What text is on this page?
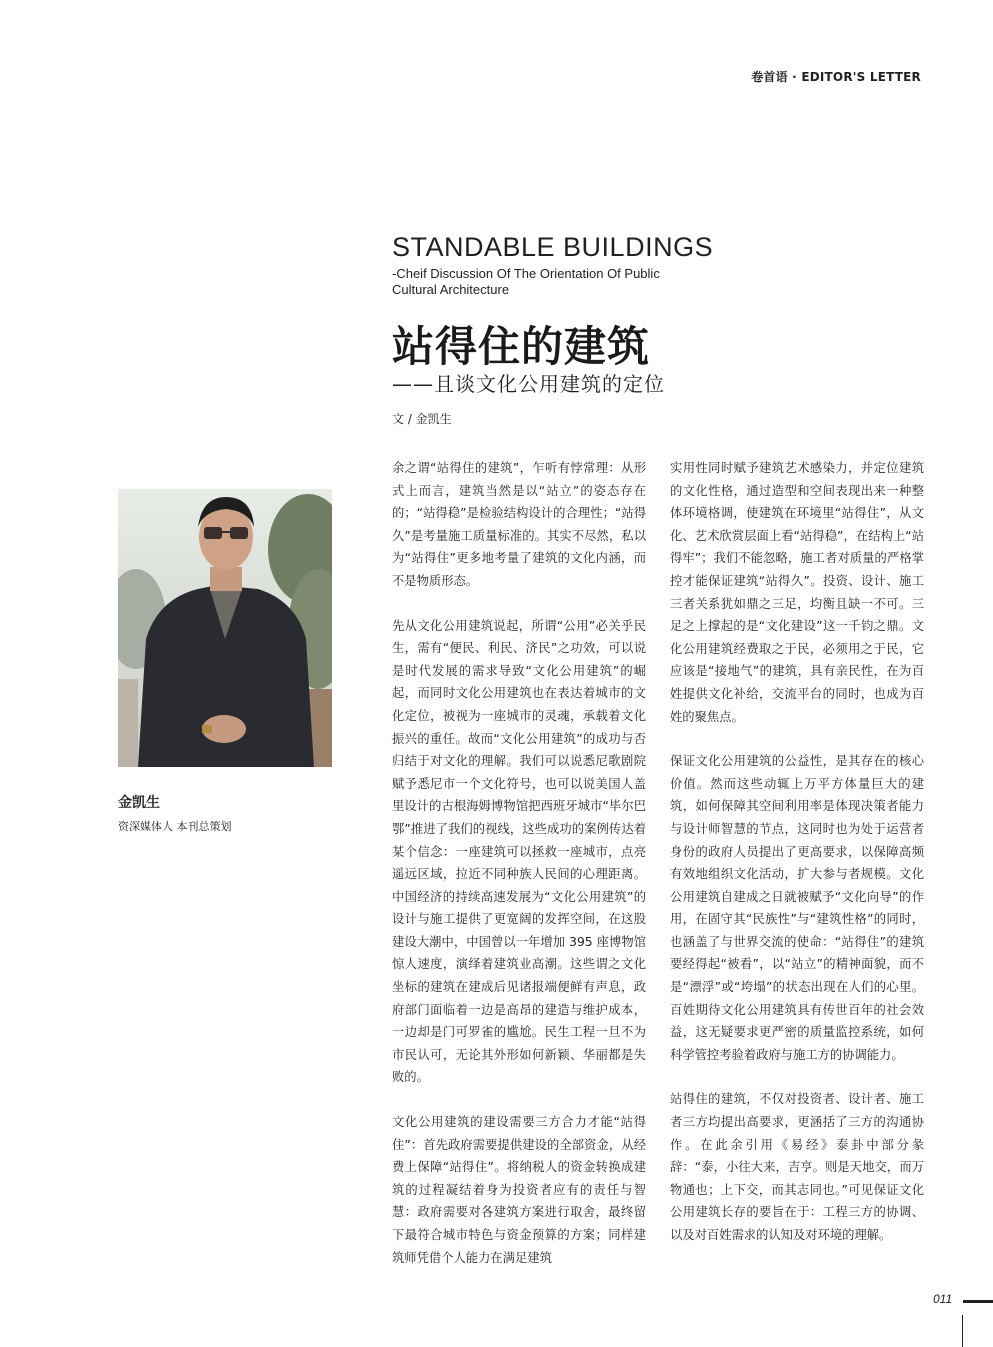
卷首语 · EDITOR'S LETTER
STANDABLE BUILDINGS
-Cheif Discussion Of The Orientation Of Public Cultural Architecture
站得住的建筑
——且谈文化公用建筑的定位
文 / 金凯生
金凯生
资深媒体人 本刊总策划

余之谓“站得住的建筑”，乍听有悖常理：从形式上而言，建筑当然是以“站立”的姿态存在的；“站得稳”是检验结构设计的合理性；“站得久”是考量施工质量标准的。其实不尽然，私以为“站得住”更多地考量了建筑的文化内涵，而不是物质形态。

先从文化公用建筑说起，所谓“公用”必关乎民生，需有“便民、利民、济民”之功效，可以说是时代发展的需求导致“文化公用建筑”的崛起，而同时文化公用建筑也在表达着城市的文化定位，被视为一座城市的灵魂，承载着文化振兴的重任。故而“文化公用建筑”的成功与否归结于对文化的理解。我们可以说悉尼歌剧院赋予悉尼市一个文化符号，也可以说美国人盖里设计的古根海姆博物馆把西班牙城市“毕尔巴鄂”推进了我们的视线，这些成功的案例传达着某个信念：一座建筑可以拯救一座城市，点亮遥远区域，拉近不同种族人民间的心理距离。中国经济的持续高速发展为“文化公用建筑”的设计与施工提供了更宽阔的发挥空间，在这股建设大潮中，中国曾以一年增加 395 座博物馆惊人速度，演绎着建筑业高潮。这些谓之文化坐标的建筑在建成后见诸报端便鲜有声息，政府部门面临着一边是高昂的建造与维护成本，一边却是门可罗雀的尴尬。民生工程一旦不为市民认可，无论其外形如何新颖、华丽都是失败的。

文化公用建筑的建设需要三方合力才能“站得住”：首先政府需要提供建设的全部资金，从经费上保障“站得住”。将纳税人的资金转换成建筑的过程凝结着身为投资者应有的责任与智慧：政府需要对各建筑方案进行取舍，最终留下最符合城市特色与资金预算的方案；同样建筑师凭借个人能力在满足建筑

实用性同时赋予建筑艺术感染力，并定位建筑的文化性格，通过造型和空间表现出来一种整体环境格调，使建筑在环境里“站得住”，从文化、艺术欣赏层面上看“站得稳”，在结构上“站得牢”；我们不能忽略，施工者对质量的严格掌控才能保证建筑“站得久”。投资、设计、施工三者关系犹如鼎之三足，均衡且缺一不可。三足之上撑起的是“文化建设”这一千钧之鼎。文化公用建筑经费取之于民，必须用之于民，它应该是“接地气”的建筑，具有亲民性，在为百姓提供文化补给，交流平台的同时，也成为百姓的聚焦点。

保证文化公用建筑的公益性，是其存在的核心价值。然而这些动辄上万平方体量巨大的建筑，如何保障其空间利用率是体现决策者能力与设计师智慧的节点，这同时也为处于运营者身份的政府人员提出了更高要求，以保障高频有效地组织文化活动，扩大参与者规模。文化公用建筑自建成之日就被赋予“文化向导”的作用，在固守其“民族性”与“建筑性格”的同时，也涵盖了与世界交流的使命：“站得住”的建筑要经得起“被看”，以“站立”的精神面貌，而不是“漂浮”或“垮塌”的状态出现在人们的心里。百姓期待文化公用建筑具有传世百年的社会效益，这无疑要求更严密的质量监控系统，如何科学管控考验着政府与施工方的协调能力。

站得住的建筑，不仅对投资者、设计者、施工者三方均提出高要求，更涵括了三方的沟通协作。在此余引用《易经》泰卦中部分彖辞：“泰，小往大来，吉亨。则是天地交，而万物通也；上下交，而其志同也。”可见保证文化公用建筑长存的要旨在于：工程三方的协调、以及对百姓需求的认知及对环境的理解。

011
